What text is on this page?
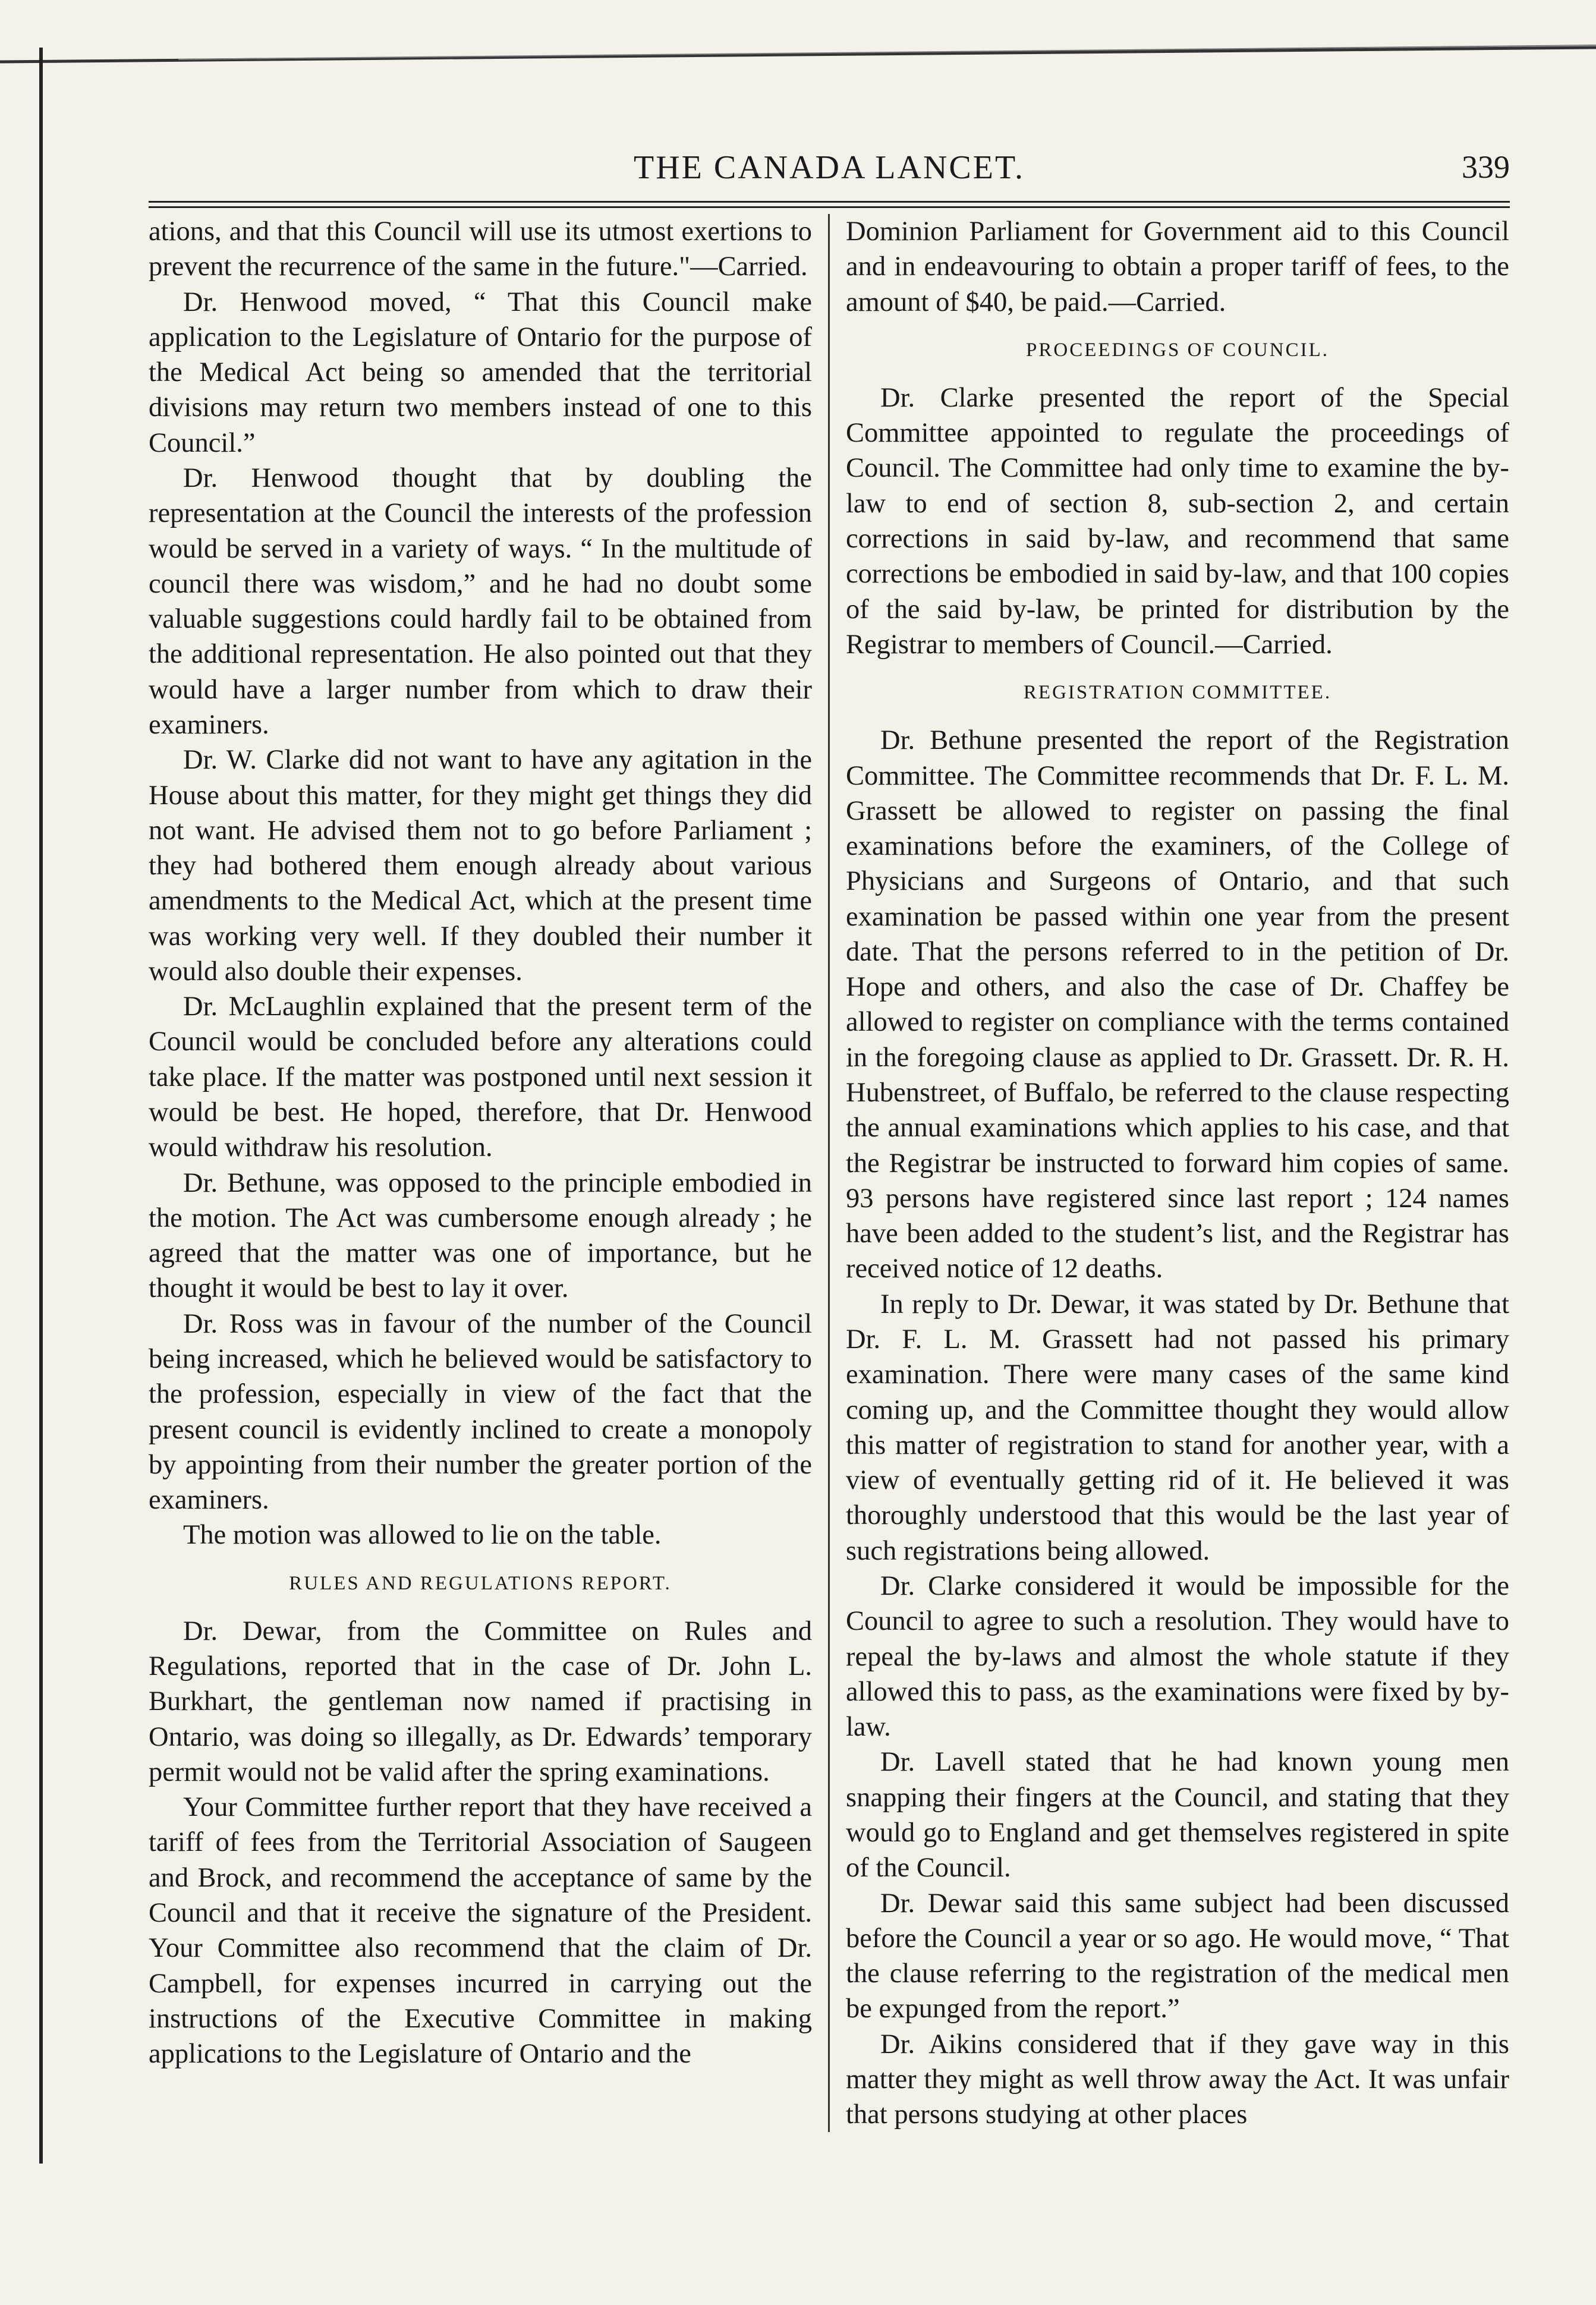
THE CANADA LANCET.	339

ations, and that this Council will use its utmost exertions to prevent the recurrence of the same in the future."—Carried.

Dr. Henwood moved, “ That this Council make application to the Legislature of Ontario for the purpose of the Medical Act being so amended that the territorial divisions may return two members instead of one to this Council.”

Dr. Henwood thought that by doubling the representation at the Council the interests of the profession would be served in a variety of ways. “ In the multitude of council there was wisdom,” and he had no doubt some valuable suggestions could hardly fail to be obtained from the additional representation. He also pointed out that they would have a larger number from which to draw their examiners.

Dr. W. Clarke did not want to have any agitation in the House about this matter, for they might get things they did not want. He advised them not to go before Parliament ; they had bothered them enough already about various amendments to the Medical Act, which at the present time was working very well. If they doubled their number it would also double their expenses.

Dr. McLaughlin explained that the present term of the Council would be concluded before any alterations could take place. If the matter was postponed until next session it would be best. He hoped, therefore, that Dr. Henwood would withdraw his resolution.

Dr. Bethune, was opposed to the principle embodied in the motion. The Act was cumbersome enough already ; he agreed that the matter was one of importance, but he thought it would be best to lay it over.

Dr. Ross was in favour of the number of the Council being increased, which he believed would be satisfactory to the profession, especially in view of the fact that the present council is evidently inclined to create a monopoly by appointing from their number the greater portion of the examiners.

The motion was allowed to lie on the table.

RULES AND REGULATIONS REPORT.

Dr. Dewar, from the Committee on Rules and Regulations, reported that in the case of Dr. John L. Burkhart, the gentleman now named if practising in Ontario, was doing so illegally, as Dr. Edwards’ temporary permit would not be valid after the spring examinations.

Your Committee further report that they have received a tariff of fees from the Territorial Association of Saugeen and Brock, and recommend the acceptance of same by the Council and that it receive the signature of the President. Your Committee also recommend that the claim of Dr. Campbell, for expenses incurred in carrying out the instructions of the Executive Committee in making applications to the Legislature of Ontario and the

Dominion Parliament for Government aid to this Council and in endeavouring to obtain a proper tariff of fees, to the amount of $40, be paid.—Carried.

PROCEEDINGS OF COUNCIL.

Dr. Clarke presented the report of the Special Committee appointed to regulate the proceedings of Council. The Committee had only time to examine the by-law to end of section 8, sub-section 2, and certain corrections in said by-law, and recommend that same corrections be embodied in said by-law, and that 100 copies of the said by-law, be printed for distribution by the Registrar to members of Council.—Carried.

REGISTRATION COMMITTEE.

Dr. Bethune presented the report of the Registration Committee. The Committee recommends that Dr. F. L. M. Grassett be allowed to register on passing the final examinations before the examiners, of the College of Physicians and Surgeons of Ontario, and that such examination be passed within one year from the present date. That the persons referred to in the petition of Dr. Hope and others, and also the case of Dr. Chaffey be allowed to register on compliance with the terms contained in the foregoing clause as applied to Dr. Grassett. Dr. R. H. Hubenstreet, of Buffalo, be referred to the clause respecting the annual examinations which applies to his case, and that the Registrar be instructed to forward him copies of same. 93 persons have registered since last report ; 124 names have been added to the student’s list, and the Registrar has received notice of 12 deaths.

In reply to Dr. Dewar, it was stated by Dr. Bethune that Dr. F. L. M. Grassett had not passed his primary examination. There were many cases of the same kind coming up, and the Committee thought they would allow this matter of registration to stand for another year, with a view of eventually getting rid of it. He believed it was thoroughly understood that this would be the last year of such registrations being allowed.

Dr. Clarke considered it would be impossible for the Council to agree to such a resolution. They would have to repeal the by-laws and almost the whole statute if they allowed this to pass, as the examinations were fixed by by-law.

Dr. Lavell stated that he had known young men snapping their fingers at the Council, and stating that they would go to England and get themselves registered in spite of the Council.

Dr. Dewar said this same subject had been discussed before the Council a year or so ago. He would move, “ That the clause referring to the registration of the medical men be expunged from the report.”

Dr. Aikins considered that if they gave way in this matter they might as well throw away the Act. It was unfair that persons studying at other places
